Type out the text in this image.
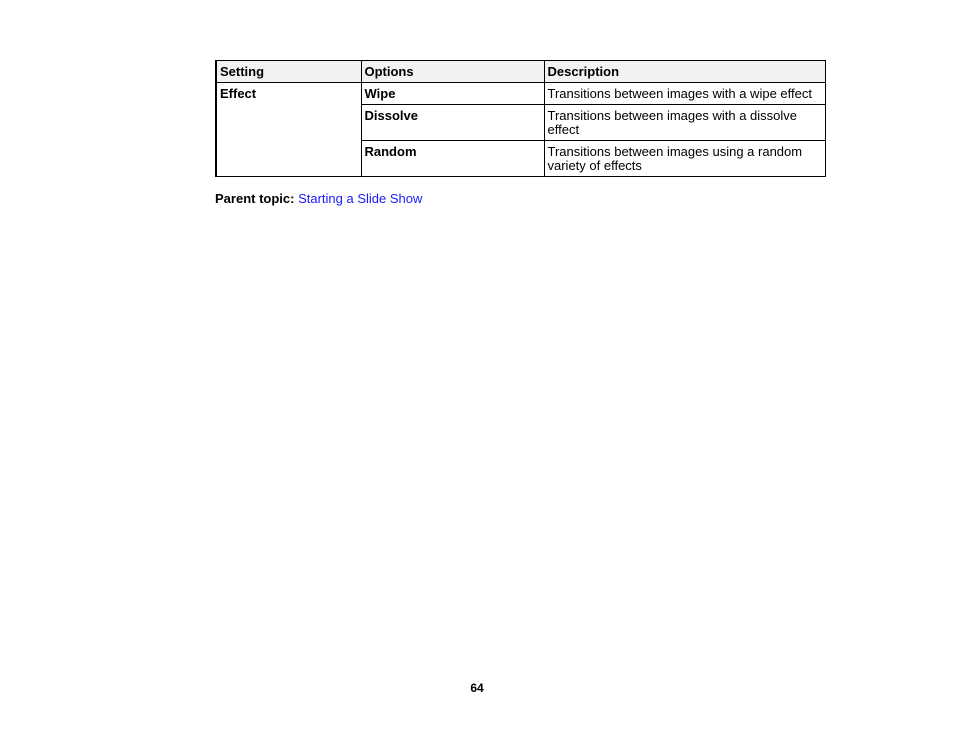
Setting	Options	Description
Effect	Wipe	Transitions between images with a wipe effect
	Dissolve	Transitions between images with a dissolve effect
	Random	Transitions between images using a random variety of effects
Parent topic: Starting a Slide Show
64
